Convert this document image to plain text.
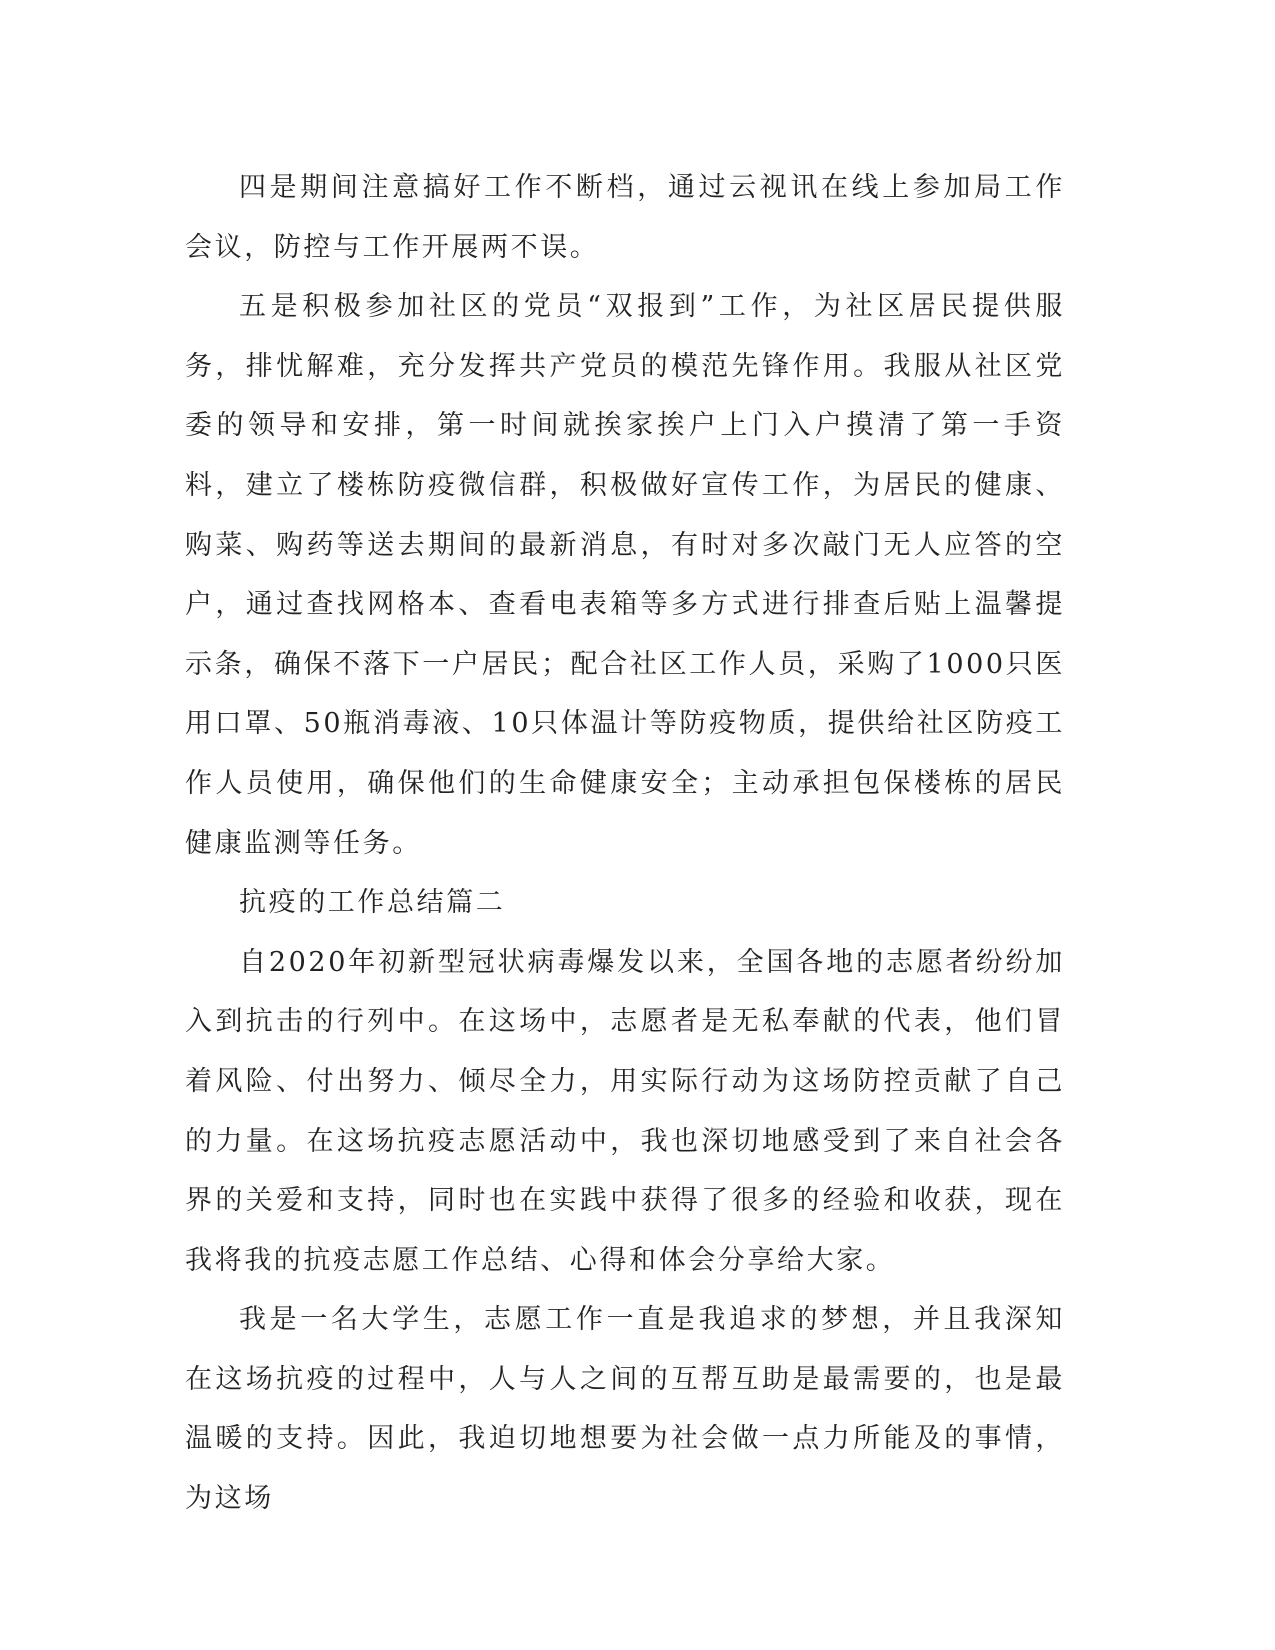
四是期间注意搞好工作不断档，通过云视讯在线上参加局工作会议，防控与工作开展两不误。

五是积极参加社区的党员“双报到”工作，为社区居民提供服务，排忧解难，充分发挥共产党员的模范先锋作用。我服从社区党委的领导和安排，第一时间就挨家挨户上门入户摸清了第一手资料，建立了楼栋防疫微信群，积极做好宣传工作，为居民的健康、购菜、购药等送去期间的最新消息，有时对多次敲门无人应答的空户，通过查找网格本、查看电表箱等多方式进行排查后贴上温馨提示条，确保不落下一户居民；配合社区工作人员，采购了1000只医用口罩、50瓶消毒液、10只体温计等防疫物质，提供给社区防疫工作人员使用，确保他们的生命健康安全；主动承担包保楼栋的居民健康监测等任务。

抗疫的工作总结篇二

自2020年初新型冠状病毒爆发以来，全国各地的志愿者纷纷加入到抗击的行列中。在这场中，志愿者是无私奉献的代表，他们冒着风险、付出努力、倾尽全力，用实际行动为这场防控贡献了自己的力量。在这场抗疫志愿活动中，我也深切地感受到了来自社会各界的关爱和支持，同时也在实践中获得了很多的经验和收获，现在我将我的抗疫志愿工作总结、心得和体会分享给大家。

我是一名大学生，志愿工作一直是我追求的梦想，并且我深知在这场抗疫的过程中，人与人之间的互帮互助是最需要的，也是最温暖的支持。因此，我迫切地想要为社会做一点力所能及的事情，为这场
